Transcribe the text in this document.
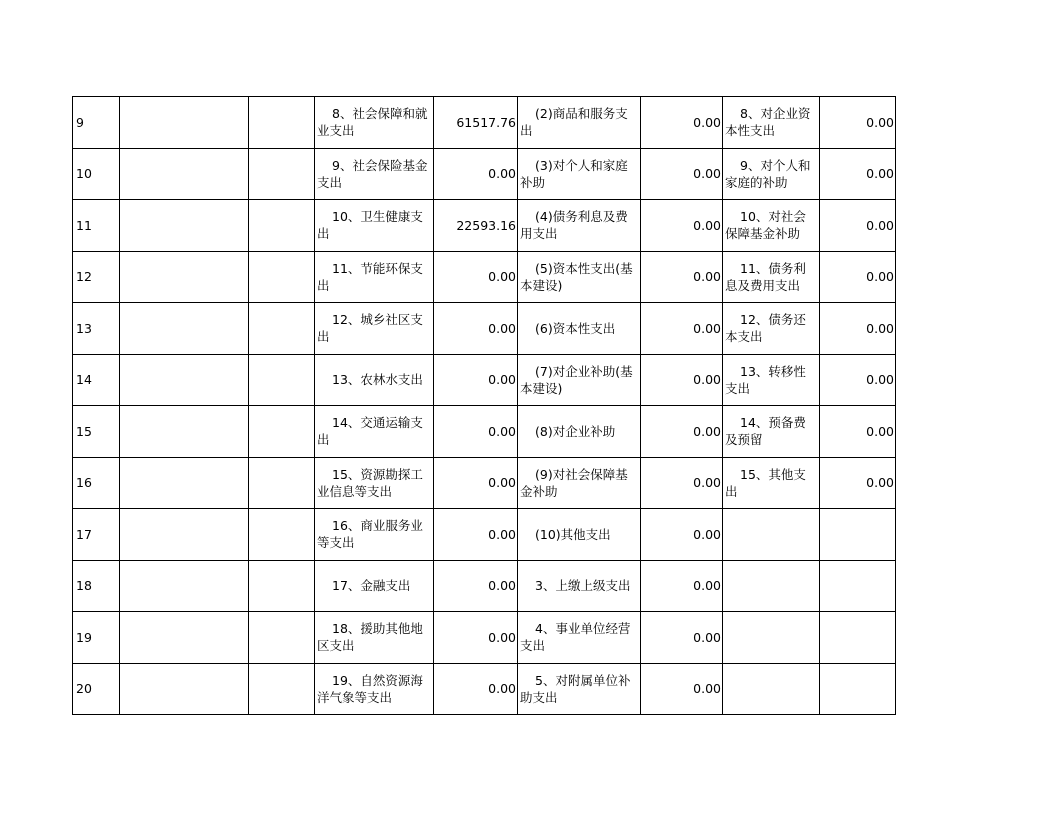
9			8、社会保障和就业支出	61517.76	(2)商品和服务支出	0.00	8、对企业资本性支出	0.00
10			9、社会保险基金支出	0.00	(3)对个人和家庭补助	0.00	9、对个人和家庭的补助	0.00
11			10、卫生健康支出	22593.16	(4)债务利息及费用支出	0.00	10、对社会保障基金补助	0.00
12			11、节能环保支出	0.00	(5)资本性支出(基本建设)	0.00	11、债务利息及费用支出	0.00
13			12、城乡社区支出	0.00	(6)资本性支出	0.00	12、债务还本支出	0.00
14			13、农林水支出	0.00	(7)对企业补助(基本建设)	0.00	13、转移性支出	0.00
15			14、交通运输支出	0.00	(8)对企业补助	0.00	14、预备费及预留	0.00
16			15、资源勘探工业信息等支出	0.00	(9)对社会保障基金补助	0.00	15、其他支出	0.00
17			16、商业服务业等支出	0.00	(10)其他支出	0.00		
18			17、金融支出	0.00	3、上缴上级支出	0.00		
19			18、援助其他地区支出	0.00	4、事业单位经营支出	0.00		
20			19、自然资源海洋气象等支出	0.00	5、对附属单位补助支出	0.00		
